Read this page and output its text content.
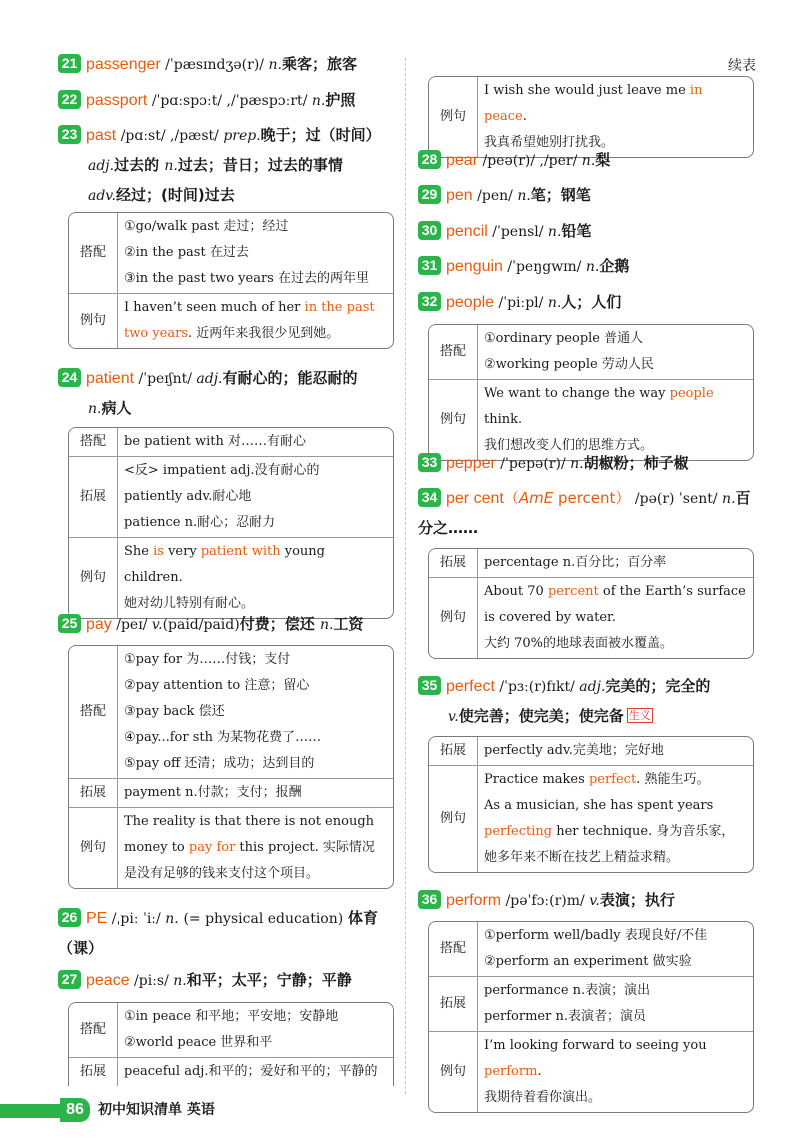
续表
21 passenger /ˈpæsɪndʒə(r)/ n.乘客；旅客
22 passport /ˈpɑːspɔːt/ ,/ˈpæspɔːrt/ n.护照
23 past /pɑːst/ ,/pæst/ prep.晚于；过（时间）
adj.过去的 n.过去；昔日；过去的事情
adv.经过；(时间)过去
搭配	①go/walk past 走过；经过
②in the past 在过去
③in the past two years 在过去的两年里

例句	I haven’t seen much of her in the past two years. 近两年来我很少见到她。
24 patient /ˈpeɪʃnt/ adj.有耐心的；能忍耐的
n.病人
搭配	be patient with 对……有耐心
拓展	<反> impatient adj.没有耐心的
patiently adv.耐心地
patience n.耐心；忍耐力

例句	She is very patient with young children.
她对幼儿特别有耐心。
25 pay /peɪ/ v.(paid/paid)付费；偿还 n.工资
搭配	①pay for 为……付钱；支付
②pay attention to 注意；留心
③pay back 偿还
④pay...for sth 为某物花费了……
⑤pay off 还清；成功；达到目的

拓展	payment n.付款；支付；报酬
例句	The reality is that there is not enough money to pay for this project. 实际情况是没有足够的钱来支付这个项目。
26 PE /ˌpiː ˈiː/ n. (= physical education) 体育（课）
27 peace /piːs/ n.和平；太平；宁静；平静
搭配	①in peace 和平地；平安地；安静地
②world peace 世界和平

拓展	peaceful adj.和平的；爱好和平的；平静的
例句	
I wish she would just leave me in peace.
我真希望她别打扰我。
28 pear /peə(r)/ ,/per/ n.梨
29 pen /pen/ n.笔；钢笔
30 pencil /ˈpensl/ n.铅笔
31 penguin /ˈpeŋgwɪn/ n.企鹅
32 people /ˈpiːpl/ n.人；人们
搭配	①ordinary people 普通人
②working people 劳动人民

例句	We want to change the way people think.
我们想改变人们的思维方式。
33 pepper /ˈpepə(r)/ n.胡椒粉；柿子椒
34 per cent（AmE percent） /pə(r) ˈsent/ n.百分之……
拓展	percentage n.百分比；百分率
例句	About 70 percent of the Earth’s surface is covered by water.
大约 70%的地球表面被水覆盖。
35 perfect /ˈpɜː(r)fɪkt/ adj.完美的；完全的
v.使完善；使完美；使完备 生义
拓展	perfectly adv.完美地；完好地
例句	Practice makes perfect. 熟能生巧。
As a musician, she has spent years perfecting her technique. 身为音乐家，她多年来不断在技艺上精益求精。
36 perform /pəˈfɔː(r)m/ v.表演；执行
搭配	①perform well/badly 表现良好/不佳
②perform an experiment 做实验

拓展	performance n.表演；演出
performer n.表演者；演员

例句	I’m looking forward to seeing you perform.
我期待着看你演出。
86	初中知识清单 英语
